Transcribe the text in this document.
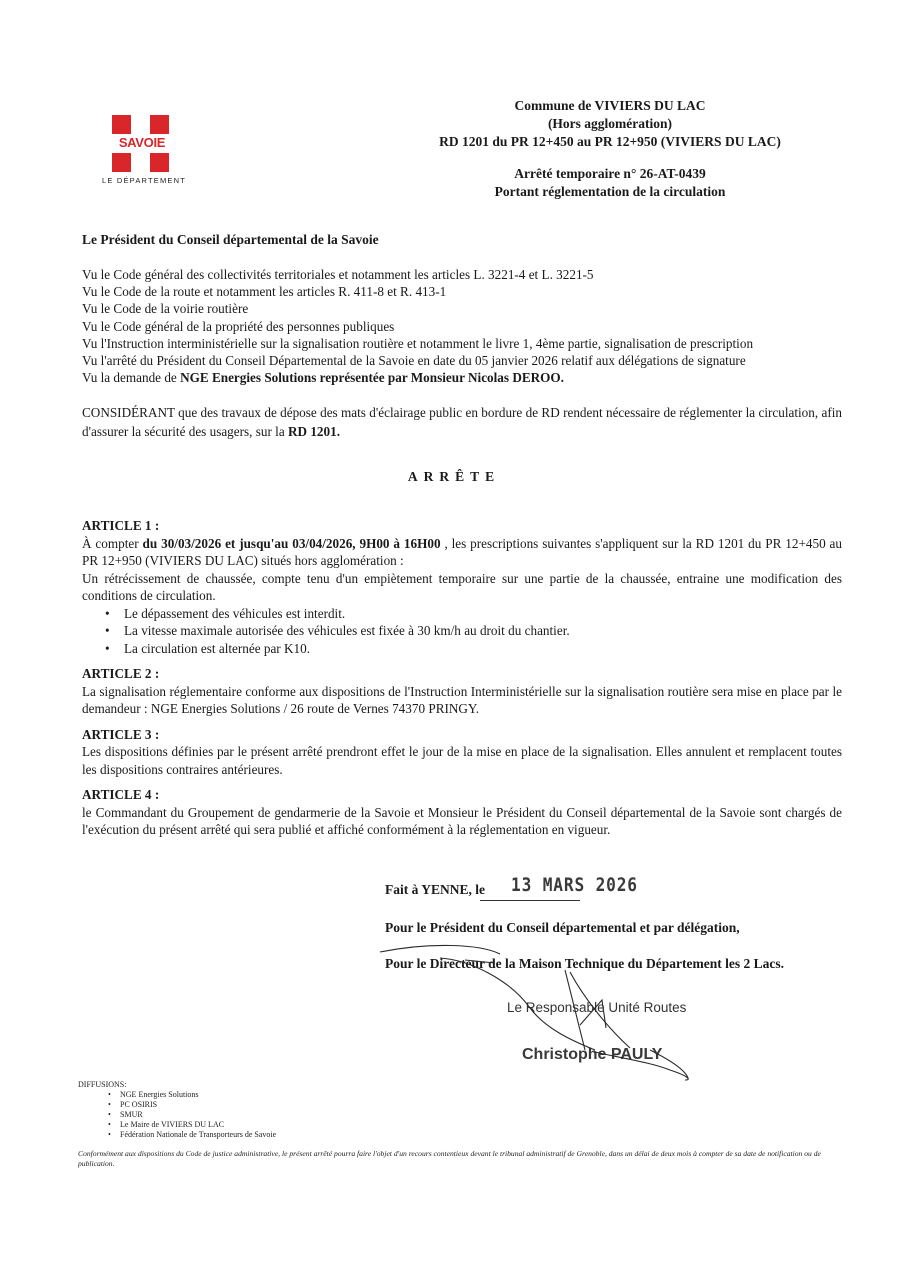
SAVOIE
LE DÉPARTEMENT
Commune de VIVIERS DU LAC
(Hors agglomération)
RD 1201 du PR 12+450 au PR 12+950 (VIVIERS DU LAC)
Arrêté temporaire n° 26-AT-0439
Portant réglementation de la circulation
Le Président du Conseil départemental de la Savoie
Vu le Code général des collectivités territoriales et notamment les articles L. 3221-4 et L. 3221-5
Vu le Code de la route et notamment les articles R. 411-8 et R. 413-1
Vu le Code de la voirie routière
Vu le Code général de la propriété des personnes publiques
Vu l'Instruction interministérielle sur la signalisation routière et notamment le livre 1, 4ème partie, signalisation de prescription
Vu l'arrêté du Président du Conseil Départemental de la Savoie en date du 05 janvier 2026 relatif aux délégations de signature
Vu la demande de NGE Energies Solutions représentée par Monsieur Nicolas DEROO.
CONSIDÉRANT que des travaux de dépose des mats d'éclairage public en bordure de RD rendent nécessaire de réglementer la circulation, afin d'assurer la sécurité des usagers, sur la RD 1201.
ARRÊTE
ARTICLE 1 :

À compter du 30/03/2026 et jusqu'au 03/04/2026, 9H00 à 16H00 , les prescriptions suivantes s'appliquent sur la RD 1201 du PR 12+450 au PR 12+950 (VIVIERS DU LAC) situés hors agglomération :

Un rétrécissement de chaussée, compte tenu d'un empiètement temporaire sur une partie de la chaussée, entraine une modification des conditions de circulation.

• Le dépassement des véhicules est interdit.
• La vitesse maximale autorisée des véhicules est fixée à 30 km/h au droit du chantier.
• La circulation est alternée par K10.
ARTICLE 2 :

La signalisation réglementaire conforme aux dispositions de l'Instruction Interministérielle sur la signalisation routière sera mise en place par le demandeur : NGE Energies Solutions / 26 route de Vernes 74370 PRINGY.

ARTICLE 3 :

Les dispositions définies par le présent arrêté prendront effet le jour de la mise en place de la signalisation. Elles annulent et remplacent toutes les dispositions contraires antérieures.

ARTICLE 4 :

le Commandant du Groupement de gendarmerie de la Savoie et Monsieur le Président du Conseil départemental de la Savoie sont chargés de l'exécution du présent arrêté qui sera publié et affiché conformément à la réglementation en vigueur.

Fait à YENNE, le 13 MARS 2026
Pour le Président du Conseil départemental et par délégation,
Pour le Directeur de la Maison Technique du Département les 2 Lacs.
Le Responsable Unité Routes
Christophe PAULY
DIFFUSIONS:
• NGE Energies Solutions
• PC OSIRIS
• SMUR
• Le Maire de VIVIERS DU LAC
• Fédération Nationale de Transporteurs de Savoie
Conformément aux dispositions du Code de justice administrative, le présent arrêté pourra faire l'objet d'un recours contentieux devant le tribunal administratif de Grenoble, dans un délai de deux mois à compter de sa date de notification ou de publication.
